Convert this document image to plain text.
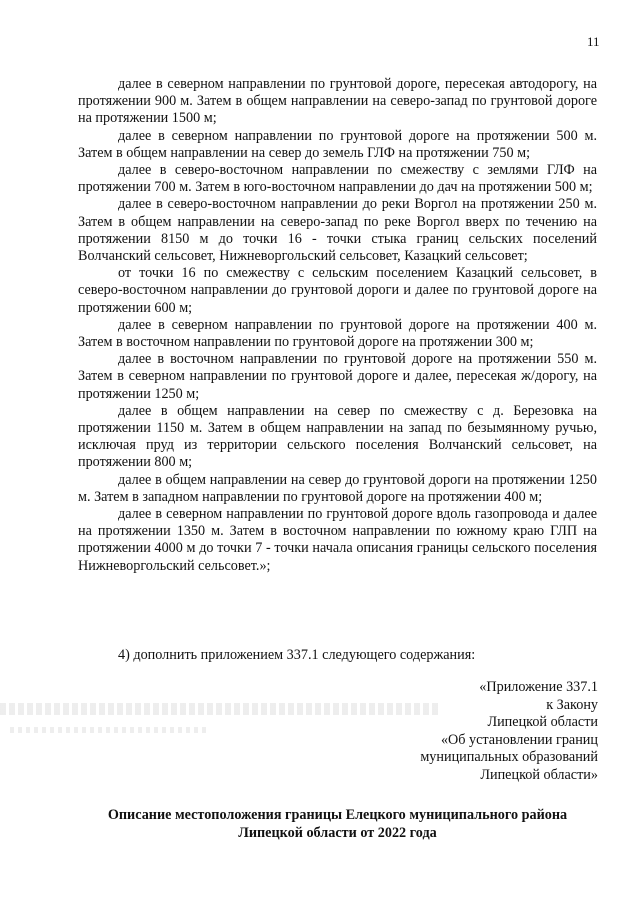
11

далее в северном направлении по грунтовой дороге, пересекая автодорогу, на протяжении 900 м. Затем в общем направлении на северо-запад по грунтовой дороге на протяжении 1500 м;

далее в северном направлении по грунтовой дороге на протяжении 500 м. Затем в общем направлении на север до земель ГЛФ на протяжении 750 м;

далее в северо-восточном направлении по смежеству с землями ГЛФ на протяжении 700 м. Затем в юго-восточном направлении до дач на протяжении 500 м;

далее в северо-восточном направлении до реки Воргол на протяжении 250 м. Затем в общем направлении на северо-запад по реке Воргол вверх по течению на протяжении 8150 м до точки 16 - точки стыка границ сельских поселений Волчанский сельсовет, Нижневоргольский сельсовет, Казацкий сельсовет;

от точки 16 по смежеству с сельским поселением Казацкий сельсовет, в северо-восточном направлении до грунтовой дороги и далее по грунтовой дороге на протяжении 600 м;

далее в северном направлении по грунтовой дороге на протяжении 400 м. Затем в восточном направлении по грунтовой дороге на протяжении 300 м;

далее в восточном направлении по грунтовой дороге на протяжении 550 м. Затем в северном направлении по грунтовой дороге и далее, пересекая ж/дорогу, на протяжении 1250 м;

далее в общем направлении на север по смежеству с д. Березовка на протяжении 1150 м. Затем в общем направлении на запад по безымянному ручью, исключая пруд из территории сельского поселения Волчанский сельсовет, на протяжении 800 м;

далее в общем направлении на север до грунтовой дороги на протяжении 1250 м. Затем в западном направлении по грунтовой дороге на протяжении 400 м;

далее в северном направлении по грунтовой дороге вдоль газопровода и далее на протяжении 1350 м. Затем в восточном направлении по южному краю ГЛП на протяжении 4000 м до точки 7 - точки начала описания границы сельского поселения Нижневоргольский сельсовет.»;

4) дополнить приложением 337.1 следующего содержания:
«Приложение 337.1
к Закону
Липецкой области
«Об установлении границ
муниципальных образований
Липецкой области»
Описание местоположения границы Елецкого муниципального района
Липецкой области от 2022 года
